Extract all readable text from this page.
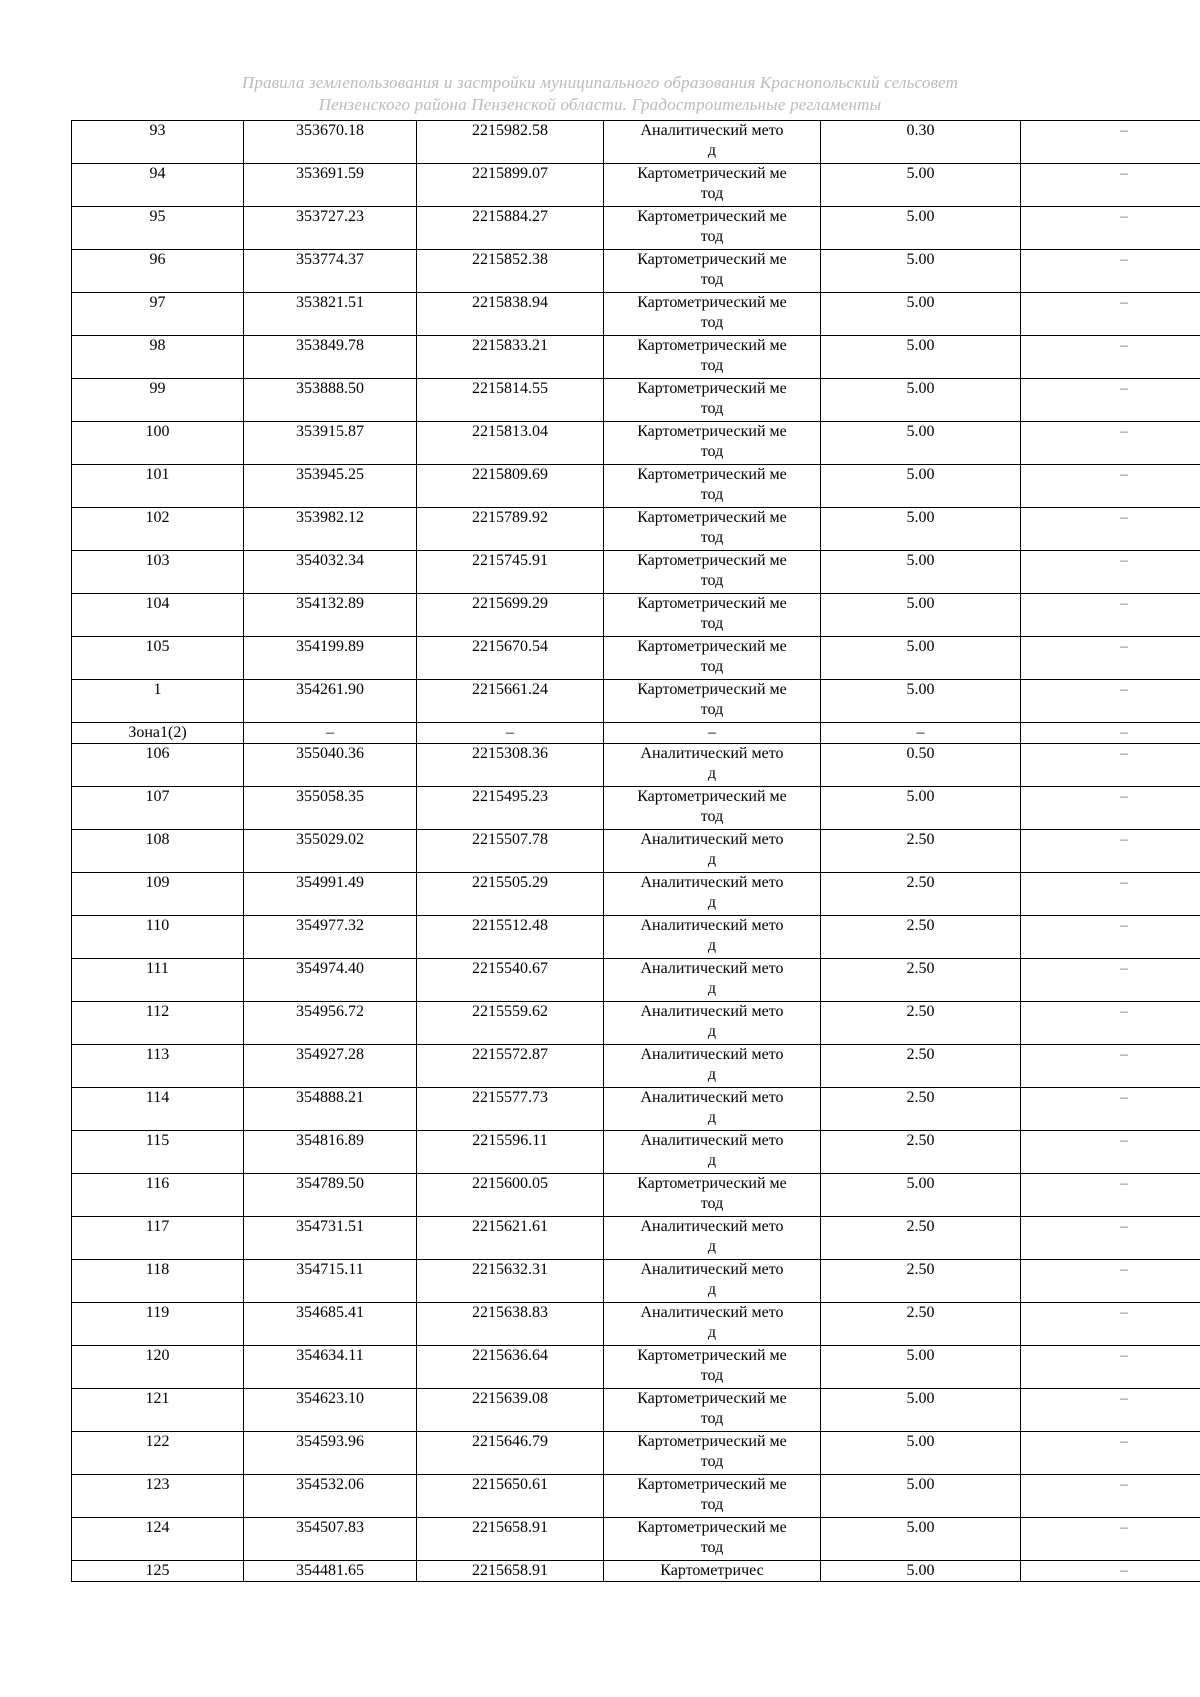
Правила землепользования и застройки муниципального образования Краснопольский сельсовет
Пензенского района Пензенской области. Градостроительные регламенты
93	353670.18	2215982.58	Аналитический метод	0.30	–
94	353691.59	2215899.07	Картометрический метод	5.00	–
95	353727.23	2215884.27	Картометрический метод	5.00	–
96	353774.37	2215852.38	Картометрический метод	5.00	–
97	353821.51	2215838.94	Картометрический метод	5.00	–
98	353849.78	2215833.21	Картометрический метод	5.00	–
99	353888.50	2215814.55	Картометрический метод	5.00	–
100	353915.87	2215813.04	Картометрический метод	5.00	–
101	353945.25	2215809.69	Картометрический метод	5.00	–
102	353982.12	2215789.92	Картометрический метод	5.00	–
103	354032.34	2215745.91	Картометрический метод	5.00	–
104	354132.89	2215699.29	Картометрический метод	5.00	–
105	354199.89	2215670.54	Картометрический метод	5.00	–
1	354261.90	2215661.24	Картометрический метод	5.00	–
Зона1(2)	–	–	–	–	–
106	355040.36	2215308.36	Аналитический метод	0.50	–
107	355058.35	2215495.23	Картометрический метод	5.00	–
108	355029.02	2215507.78	Аналитический метод	2.50	–
109	354991.49	2215505.29	Аналитический метод	2.50	–
110	354977.32	2215512.48	Аналитический метод	2.50	–
111	354974.40	2215540.67	Аналитический метод	2.50	–
112	354956.72	2215559.62	Аналитический метод	2.50	–
113	354927.28	2215572.87	Аналитический метод	2.50	–
114	354888.21	2215577.73	Аналитический метод	2.50	–
115	354816.89	2215596.11	Аналитический метод	2.50	–
116	354789.50	2215600.05	Картометрический метод	5.00	–
117	354731.51	2215621.61	Аналитический метод	2.50	–
118	354715.11	2215632.31	Аналитический метод	2.50	–
119	354685.41	2215638.83	Аналитический метод	2.50	–
120	354634.11	2215636.64	Картометрический метод	5.00	–
121	354623.10	2215639.08	Картометрический метод	5.00	–
122	354593.96	2215646.79	Картометрический метод	5.00	–
123	354532.06	2215650.61	Картометрический метод	5.00	–
124	354507.83	2215658.91	Картометрический метод	5.00	–
125	354481.65	2215658.91	Картометричес	5.00	–
